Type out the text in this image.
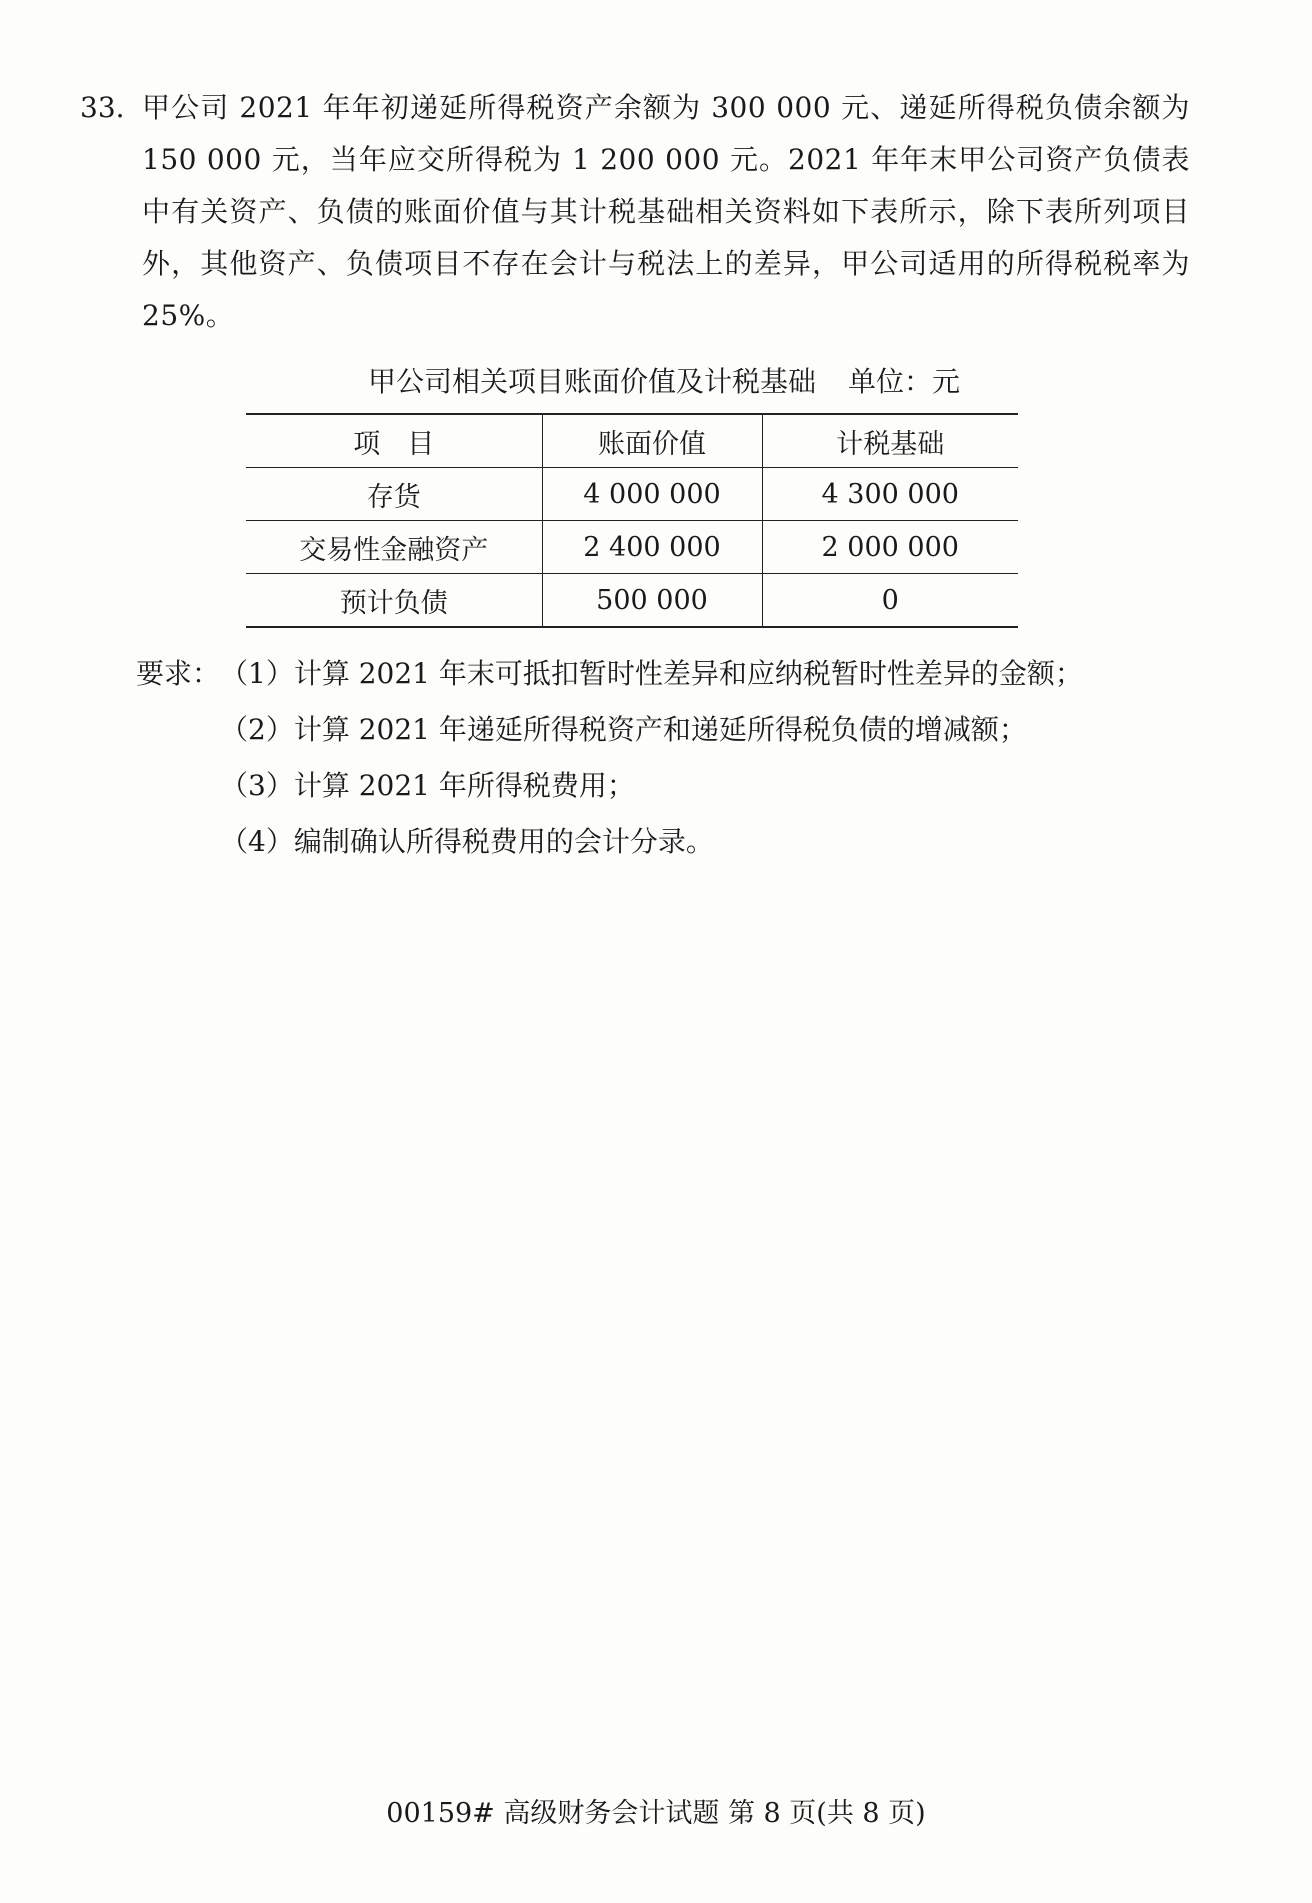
33. 甲公司 2021 年年初递延所得税资产余额为 300 000 元、递延所得税负债余额为 150 000 元，当年应交所得税为 1 200 000 元。2021 年年末甲公司资产负债表中有关资产、负债的账面价值与其计税基础相关资料如下表所示，除下表所列项目外，其他资产、负债项目不存在会计与税法上的差异，甲公司适用的所得税税率为 25%。
甲公司相关项目账面价值及计税基础 单位：元
项　目	账面价值	计税基础
存货	4 000 000	4 300 000
交易性金融资产	2 400 000	2 000 000
预计负债	500 000	0
要求：（1）计算 2021 年末可抵扣暂时性差异和应纳税暂时性差异的金额；
（2）计算 2021 年递延所得税资产和递延所得税负债的增减额；
（3）计算 2021 年所得税费用；
（4）编制确认所得税费用的会计分录。
00159# 高级财务会计试题 第 8 页(共 8 页)
